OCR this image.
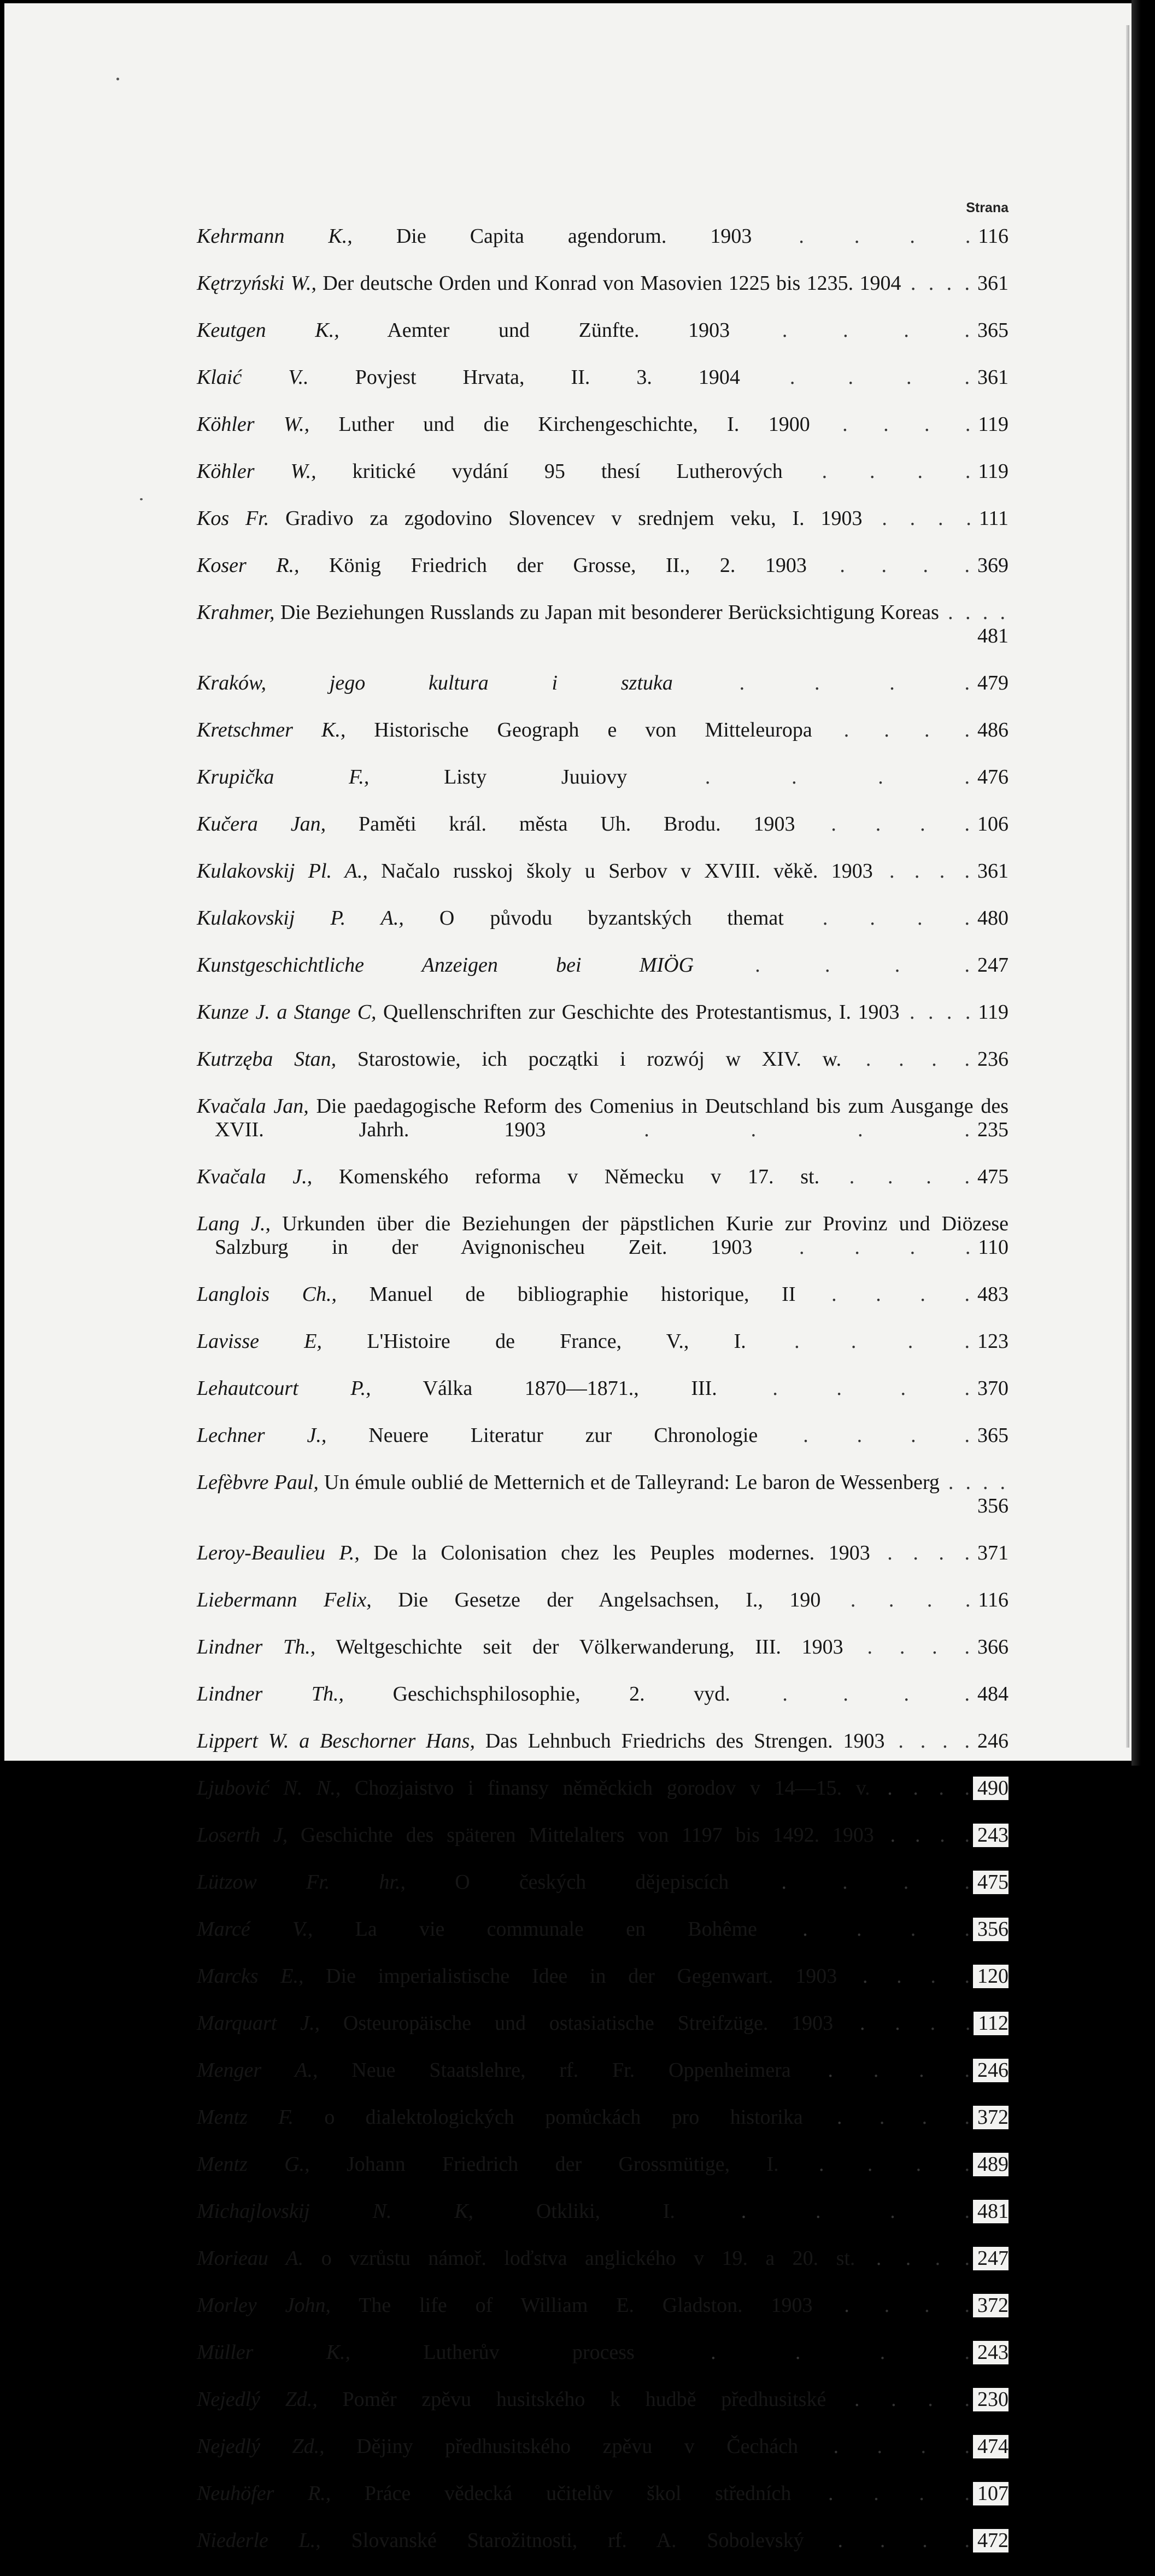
Strana
Kehrmann K., Die Capita agendorum. 1903 . . . . 116
Kętrzyński W., Der deutsche Orden und Konrad von Masovien 1225 bis 1235. 1904 . . . . 361
Keutgen K., Aemter und Zünfte. 1903 . . . . 365
Klaić V.. Povjest Hrvata, II. 3. 1904 . . . . 361
Köhler W., Luther und die Kirchengeschichte, I. 1900 . . . . 119
Köhler W., kritické vydání 95 thesí Lutherových . . . . 119
Kos Fr. Gradivo za zgodovino Slovencev v srednjem veku, I. 1903 . . . . 111
Koser R., König Friedrich der Grosse, II., 2. 1903 . . . . 369
Krahmer, Die Beziehungen Russlands zu Japan mit besonderer Berücksichtigung Koreas . . . .
481
Kraków, jego kultura i sztuka . . . . 479
Kretschmer K., Historische Geograph e von Mitteleuropa . . . . 486
Krupička F., Listy Juuiovy . . . . 476
Kučera Jan, Paměti král. města Uh. Brodu. 1903 . . . . 106
Kulakovskij Pl. A., Načalo russkoj školy u Serbov v XVIII. věkě. 1903 . . . . 361
Kulakovskij P. A., O původu byzantských themat . . . . 480
Kunstgeschichtliche Anzeigen bei MIÖG . . . . 247
Kunze J. a Stange C, Quellenschriften zur Geschichte des Protestantismus, I. 1903 . . . . 119
Kutrzęba Stan, Starostowie, ich początki i rozwój w XIV. w. . . . . 236
Kvačala Jan, Die paedagogische Reform des Comenius in Deutschland bis zum Ausgange des XVII. Jahrh. 1903 . . . . 235
Kvačala J., Komenského reforma v Německu v 17. st. . . . . 475
Lang J., Urkunden über die Beziehungen der päpstlichen Kurie zur Provinz und Diözese Salzburg in der Avignonischeu Zeit. 1903 . . . . 110
Langlois Ch., Manuel de bibliographie historique, II . . . . 483
Lavisse E, L'Histoire de France, V., I. . . . . 123
Lehautcourt P., Válka 1870—1871., III. . . . . 370
Lechner J., Neuere Literatur zur Chronologie . . . . 365
Lefèbvre Paul, Un émule oublié de Metternich et de Talleyrand: Le baron de Wessenberg . . . .
356
Leroy-Beaulieu P., De la Colonisation chez les Peuples modernes. 1903 . . . . 371
Liebermann Felix, Die Gesetze der Angelsachsen, I., 190 . . . . 116
Lindner Th., Weltgeschichte seit der Völkerwanderung, III. 1903 . . . . 366
Lindner Th., Geschichsphilosophie, 2. vyd. . . . . 484
Lippert W. a Beschorner Hans, Das Lehnbuch Friedrichs des Strengen. 1903 . . . . 246
Ljubović N. N., Chozjaistvo i finansy něměckich gorodov v 14—15. v. . . . . 490
Loserth J, Geschichte des späteren Mittelalters von 1197 bis 1492. 1903 . . . . 243
Lützow Fr. hr., O českých dějepiscích . . . . 475
Marcé V., La vie communale en Bohême . . . . 356
Marcks E., Die imperialistische Idee in der Gegenwart. 1903 . . . . 120
Marquart J., Osteuropäische und ostasiatische Streifzüge. 1903 . . . . 112
Menger A., Neue Staatslehre, rf. Fr. Oppenheimera . . . . 246
Mentz F. o dialektologických pomůckách pro historika . . . . 372
Mentz G., Johann Friedrich der Grossmütige, I. . . . . 489
Michajlovskij N. K, Otkliki, I. . . . . 481
Morieau A. o vzrůstu námoř. loďstva anglického v 19. a 20. st. . . . . 247
Morley John, The life of William E. Gladston. 1903 . . . . 372
Müller K., Lutherův process . . . . 243
Nejedlý Zd., Poměr zpěvu husitského k hudbě předhusitské . . . . 230
Nejedlý Zd., Dějiny předhusitského zpěvu v Čechách . . . . 474
Neuhöfer R., Práce vědecká učitelův škol středních . . . . 107
Niederle L., Slovanské Starožitnosti, rf. A. Sobolevský . . . . 472
